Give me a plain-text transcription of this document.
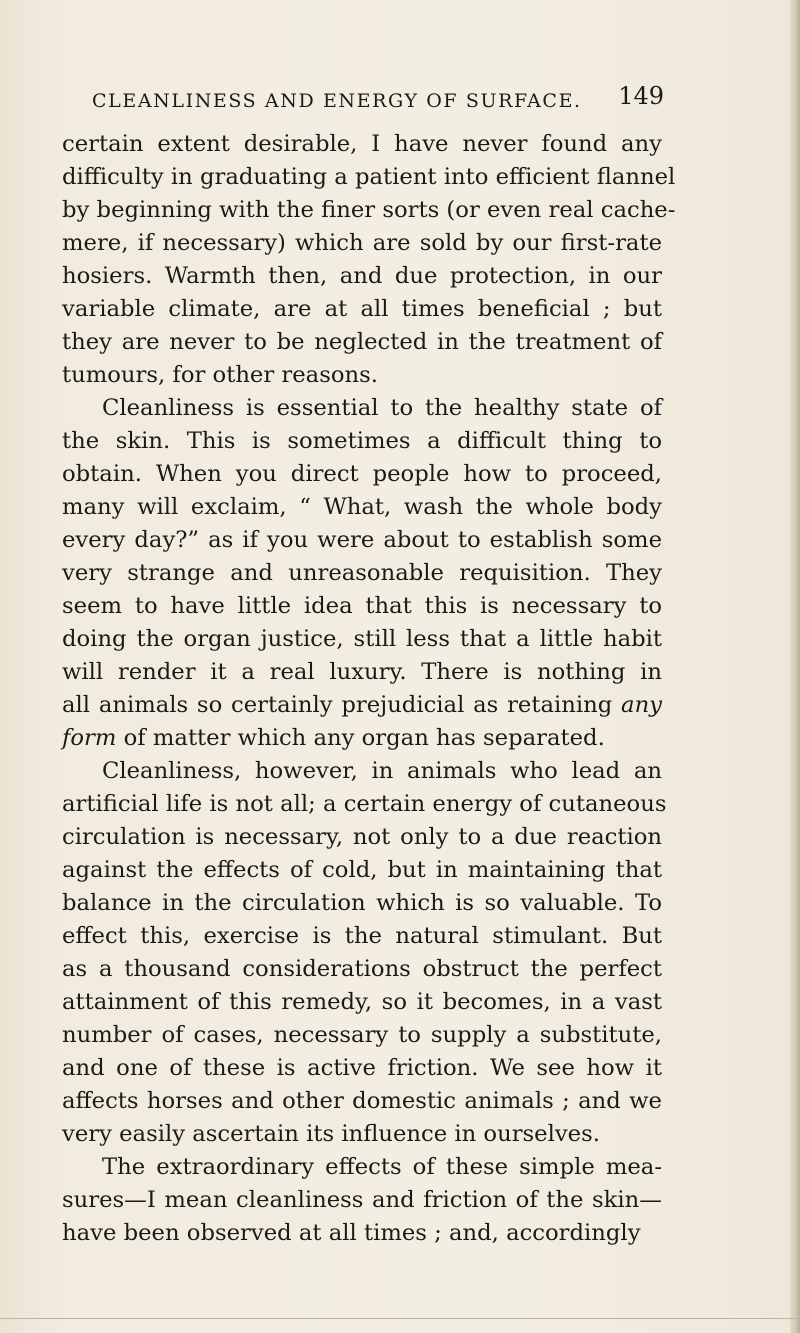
CLEANLINESS AND ENERGY OF SURFACE. 149
certain extent desirable, I have never found any
difficulty in graduating a patient into efficient flannel
by beginning with the finer sorts (or even real cache-
mere, if necessary) which are sold by our first-rate
hosiers. Warmth then, and due protection, in our
variable climate, are at all times beneficial ; but
they are never to be neglected in the treatment of
tumours, for other reasons.
Cleanliness is essential to the healthy state of
the skin. This is sometimes a difficult thing to
obtain. When you direct people how to proceed,
many will exclaim, “ What, wash the whole body
every day?” as if you were about to establish some
very strange and unreasonable requisition. They
seem to have little idea that this is necessary to
doing the organ justice, still less that a little habit
will render it a real luxury. There is nothing in
all animals so certainly prejudicial as retaining any
form of matter which any organ has separated.
Cleanliness, however, in animals who lead an
artificial life is not all; a certain energy of cutaneous
circulation is necessary, not only to a due reaction
against the effects of cold, but in maintaining that
balance in the circulation which is so valuable. To
effect this, exercise is the natural stimulant. But
as a thousand considerations obstruct the perfect
attainment of this remedy, so it becomes, in a vast
number of cases, necessary to supply a substitute,
and one of these is active friction. We see how it
affects horses and other domestic animals ; and we
very easily ascertain its influence in ourselves.
The extraordinary effects of these simple mea-
sures—I mean cleanliness and friction of the skin—
have been observed at all times ; and, accordingly
